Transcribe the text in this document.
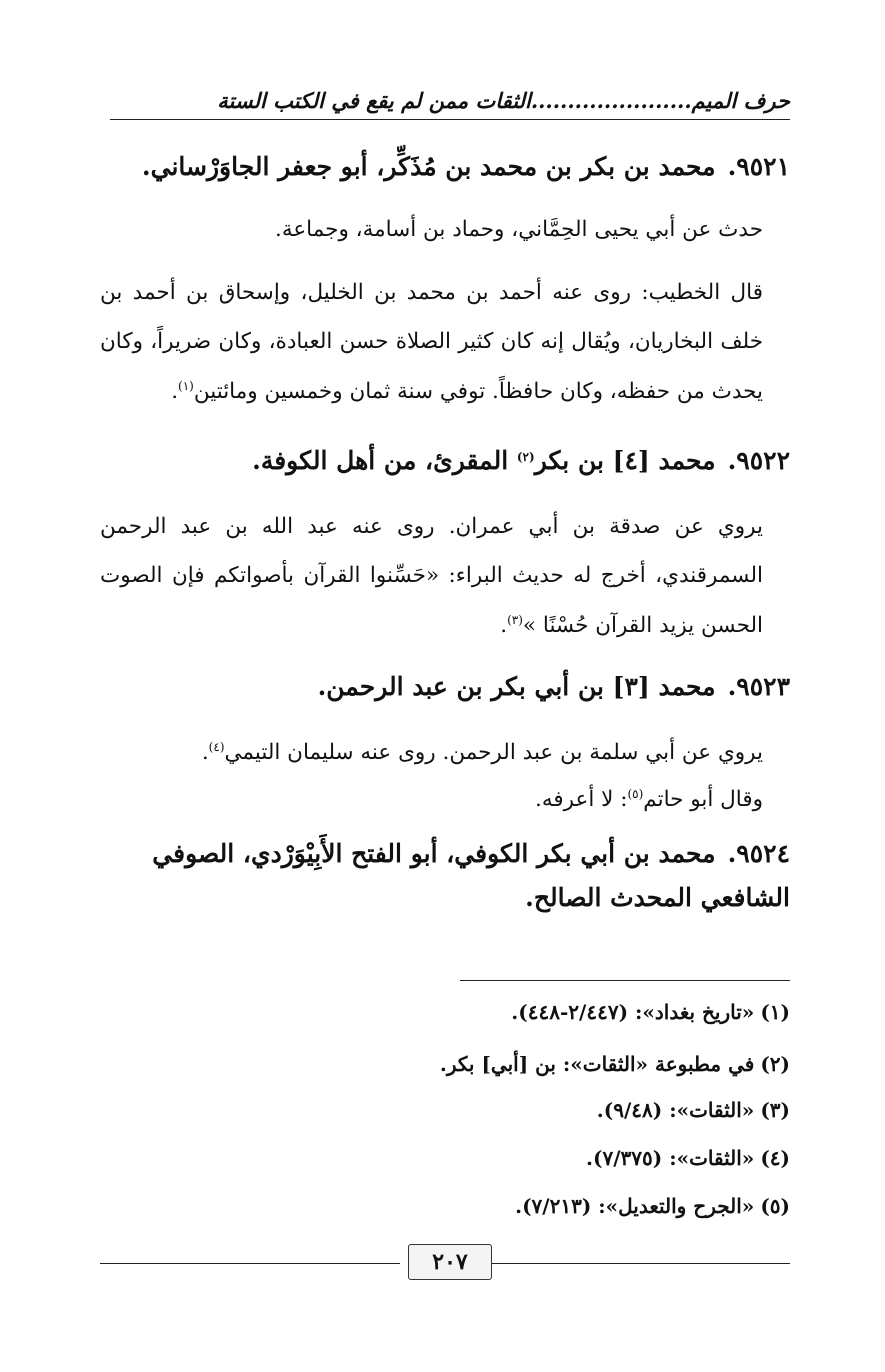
حرف الميم......................الثقات ممن لم يقع في الكتب الستة
٩٥٢١.محمد بن بكر بن محمد بن مُذَكِّر، أبو جعفر الجاوَرْساني.
حدث عن أبي يحيى الحِمَّاني، وحماد بن أسامة، وجماعة.
قال الخطيب: روى عنه أحمد بن محمد بن الخليل، وإسحاق بن أحمد بن خلف البخاريان، ويُقال إنه كان كثير الصلاة حسن العبادة، وكان ضريراً، وكان يحدث من حفظه، وكان حافظاً. توفي سنة ثمان وخمسين ومائتين$^{(١)}$.
٩٥٢٢.محمد [٤] بن بكر$^{(٢)}$ المقرئ، من أهل الكوفة.
يروي عن صدقة بن أبي عمران. روى عنه عبد الله بن عبد الرحمن السمرقندي، أخرج له حديث البراء: «حَسِّنوا القرآن بأصواتكم فإن الصوت الحسن يزيد القرآن حُسْنًا »$^{(٣)}$.
٩٥٢٣.محمد [٣] بن أبي بكر بن عبد الرحمن.
يروي عن أبي سلمة بن عبد الرحمن. روى عنه سليمان التيمي$^{(٤)}$.
وقال أبو حاتم$^{(٥)}$: لا أعرفه.
٩٥٢٤.محمد بن أبي بكر الكوفي، أبو الفتح الأَبِيْوَرْدي، الصوفي الشافعي المحدث الصالح.
(١)«تاريخ بغداد»: (٢/٤٤٧-٤٤٨).
(٢)في مطبوعة «الثقات»: بن [أبي] بكر.
(٣)«الثقات»: (٩/٤٨).
(٤)«الثقات»: (٧/٣٧٥).
(٥)«الجرح والتعديل»: (٧/٢١٣).
٢٠٧
